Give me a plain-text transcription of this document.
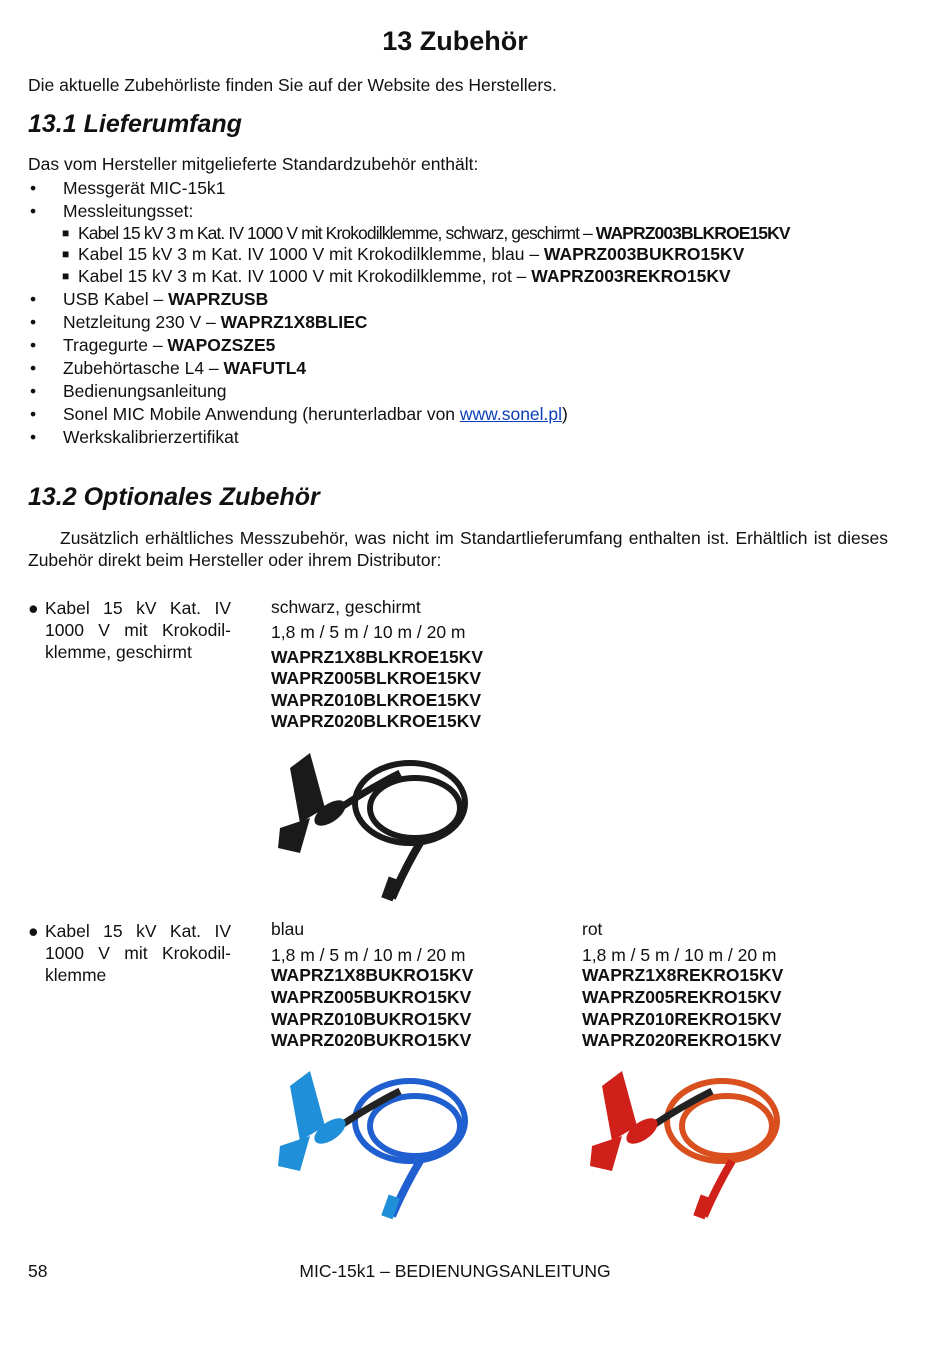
13 Zubehör
Die aktuelle Zubehörliste finden Sie auf der Website des Herstellers.
13.1 Lieferumfang
Das vom Hersteller mitgelieferte Standardzubehör enthält:
• Messgerät MIC-15k1
• Messleitungsset:
■ Kabel 15 kV 3 m Kat. IV 1000 V mit Krokodilklemme, schwarz, geschirmt – WAPRZ003BLKROE15KV
■ Kabel 15 kV 3 m Kat. IV 1000 V mit Krokodilklemme, blau – WAPRZ003BUKRO15KV
■ Kabel 15 kV 3 m Kat. IV 1000 V mit Krokodilklemme, rot – WAPRZ003REKRO15KV
• USB Kabel – WAPRZUSB
• Netzleitung 230 V – WAPRZ1X8BLIEC
• Tragegurte – WAPOZSZE5
• Zubehörtasche L4 – WAFUTL4
• Bedienungsanleitung
• Sonel MIC Mobile Anwendung (herunterladbar von www.sonel.pl)
• Werkskalibrierzertifikat
13.2 Optionales Zubehör
Zusätzlich erhältliches Messzubehör, was nicht im Standartlieferumfang enthalten ist. Erhältlich ist dieses Zubehör direkt beim Hersteller oder ihrem Distributor:
● Kabel 15 kV Kat. IV 1000 V mit Krokodil-klemme, geschirmt
schwarz, geschirmt
1,8 m / 5 m / 10 m / 20 m
WAPRZ1X8BLKROE15KV
WAPRZ005BLKROE15KV
WAPRZ010BLKROE15KV
WAPRZ020BLKROE15KV
● Kabel 15 kV Kat. IV 1000 V mit Krokodil-klemme
blau
1,8 m / 5 m / 10 m / 20 m
WAPRZ1X8BUKRO15KV
WAPRZ005BUKRO15KV
WAPRZ010BUKRO15KV
WAPRZ020BUKRO15KV
rot
1,8 m / 5 m / 10 m / 20 m
WAPRZ1X8REKRO15KV
WAPRZ005REKRO15KV
WAPRZ010REKRO15KV
WAPRZ020REKRO15KV
58	MIC-15k1 – BEDIENUNGSANLEITUNG
